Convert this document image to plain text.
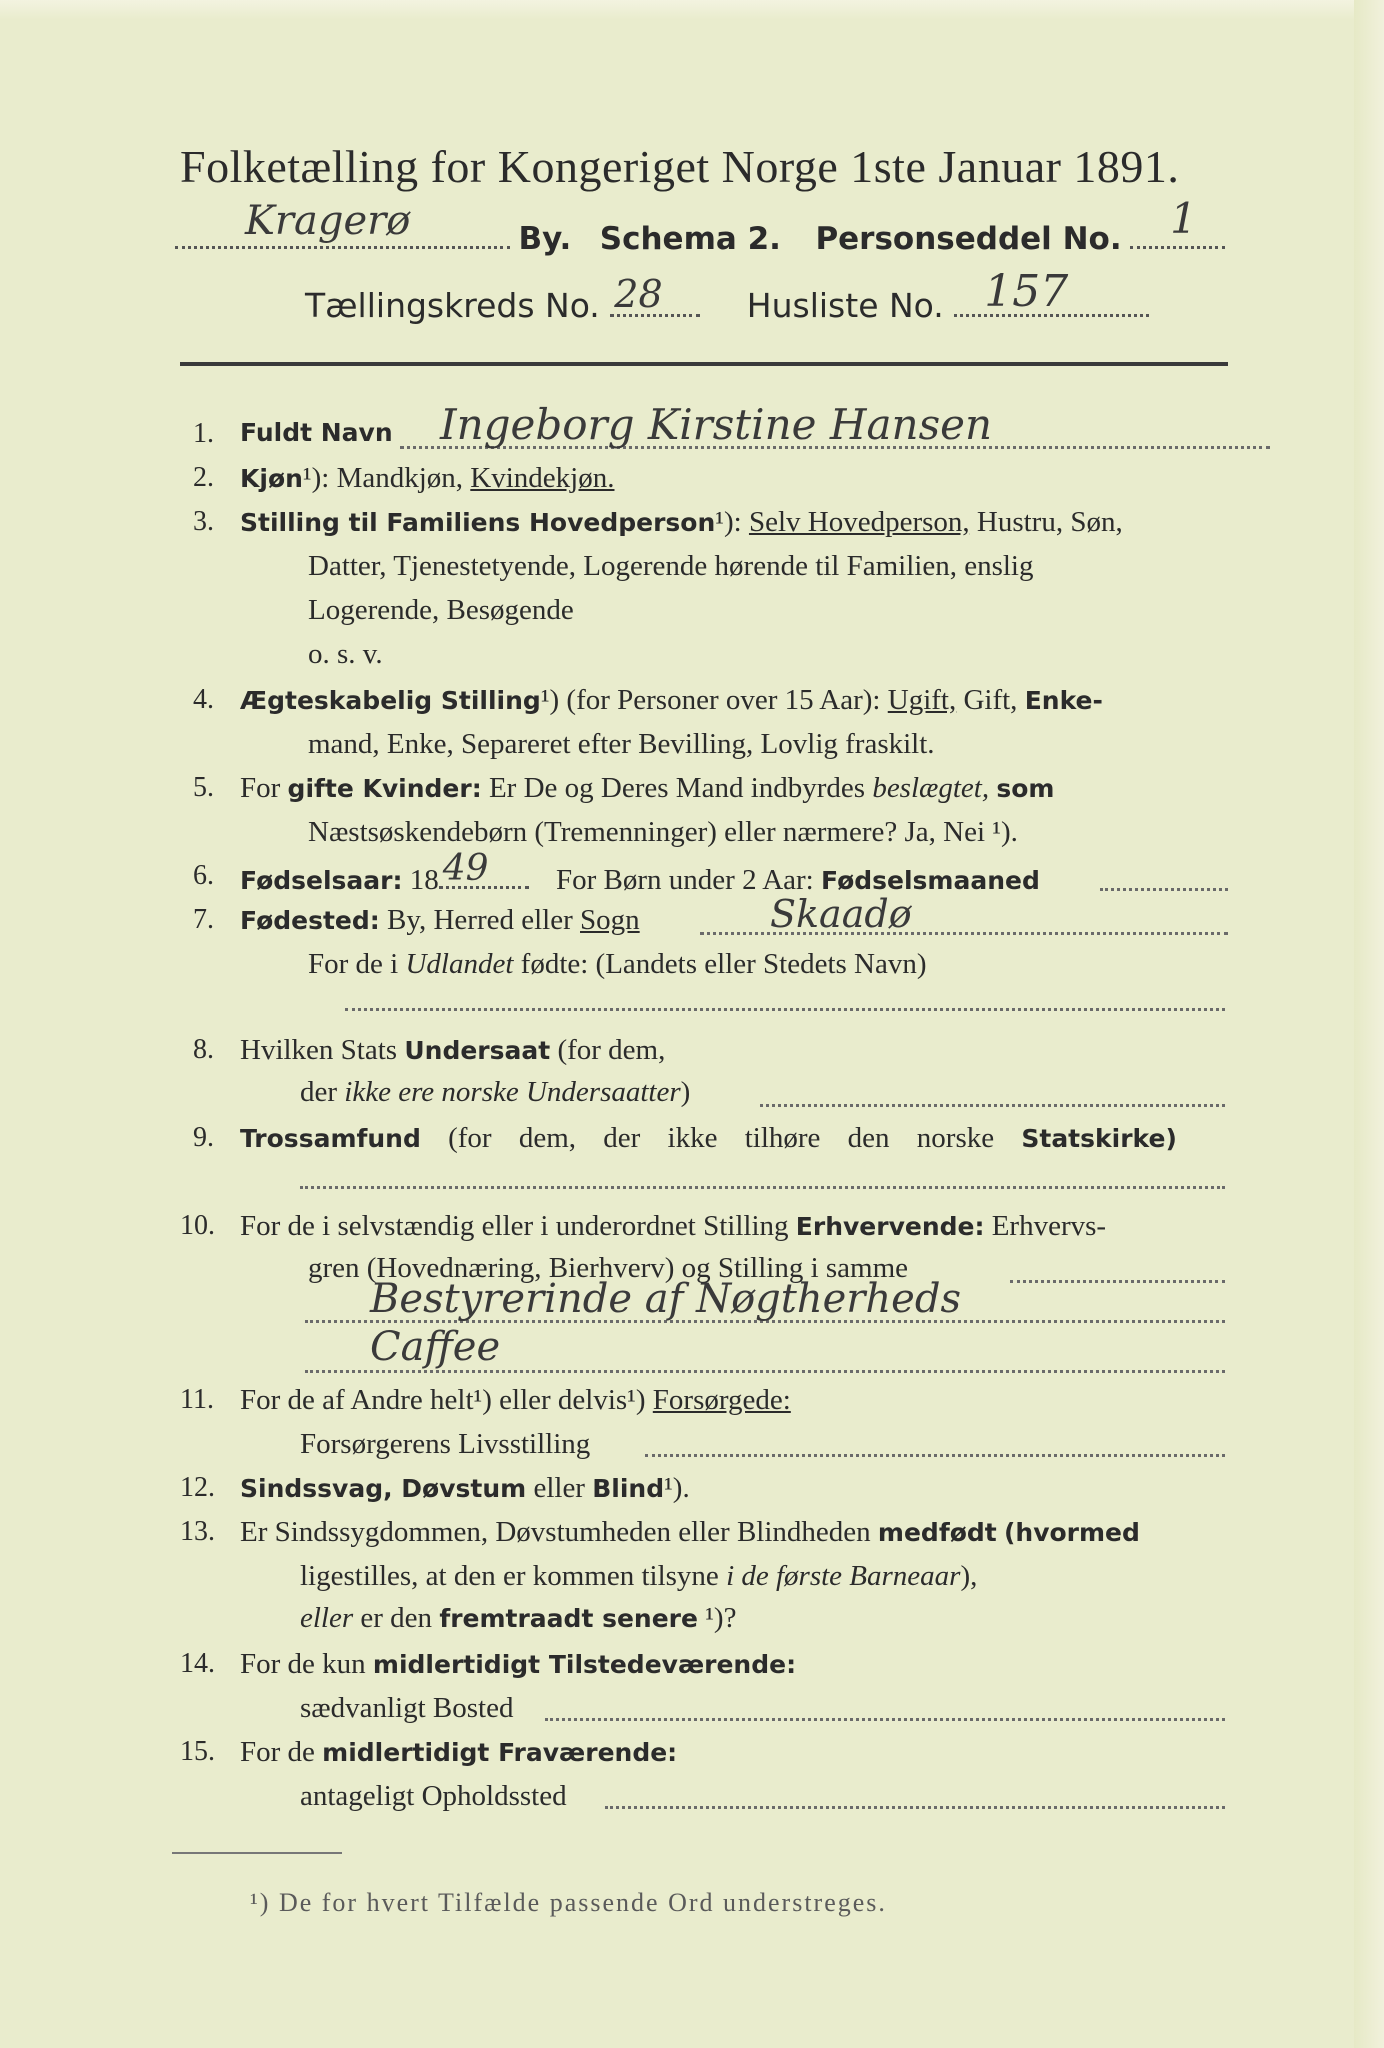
Folketælling for Kongeriget Norge 1ste Januar 1891.
Kragerø	By. Schema 2. Personseddel No. 1
Tællingskreds No. 28	Husliste No. 157
1. Fuldt Navn Ingeborg Kirstine Hansen
2. Kjøn¹): Mandkjøn, Kvindekjøn.
3. Stilling til Familiens Hovedperson¹): Selv Hovedperson, Hustru, Søn,
Datter, Tjenestetyende, Logerende hørende til Familien, enslig
Logerende, Besøgende
o. s. v.
4. Ægteskabelig Stilling¹) (for Personer over 15 Aar): Ugift, Gift, Enke-
mand, Enke, Separeret efter Bevilling, Lovlig fraskilt.
5. For gifte Kvinder: Er De og Deres Mand indbyrdes beslægtet, som
Næstsøskendebørn (Tremenninger) eller nærmere? Ja, Nei ¹).
6. Fødselsaar: 18 49 For Børn under 2 Aar: Fødselsmaaned
7. Fødested: By, Herred eller Sogn	Skaadø
For de i Udlandet fødte: (Landets eller Stedets Navn)
8. Hvilken Stats Undersaat (for dem,
der ikke ere norske Undersaatter)
9. Trossamfund (for dem, der ikke tilhøre den norske Statskirke)
10. For de i selvstændig eller i underordnet Stilling Erhvervende: Erhvervs-
gren (Hovednæring, Bierhverv) og Stilling i samme
Bestyrerinde af Nøgtherheds
Caffee
11. For de af Andre helt¹) eller delvis¹) Forsørgede:
Forsørgerens Livsstilling
12. Sindssvag, Døvstum eller Blind¹).
13. Er Sindssygdommen, Døvstumheden eller Blindheden medfødt (hvormed
ligestilles, at den er kommen tilsyne i de første Barneaar),
eller er den fremtraadt senere ¹)?
14. For de kun midlertidigt Tilstedeværende:
sædvanligt Bosted
15. For de midlertidigt Fraværende:
antageligt Opholdssted
¹) De for hvert Tilfælde passende Ord understreges.
